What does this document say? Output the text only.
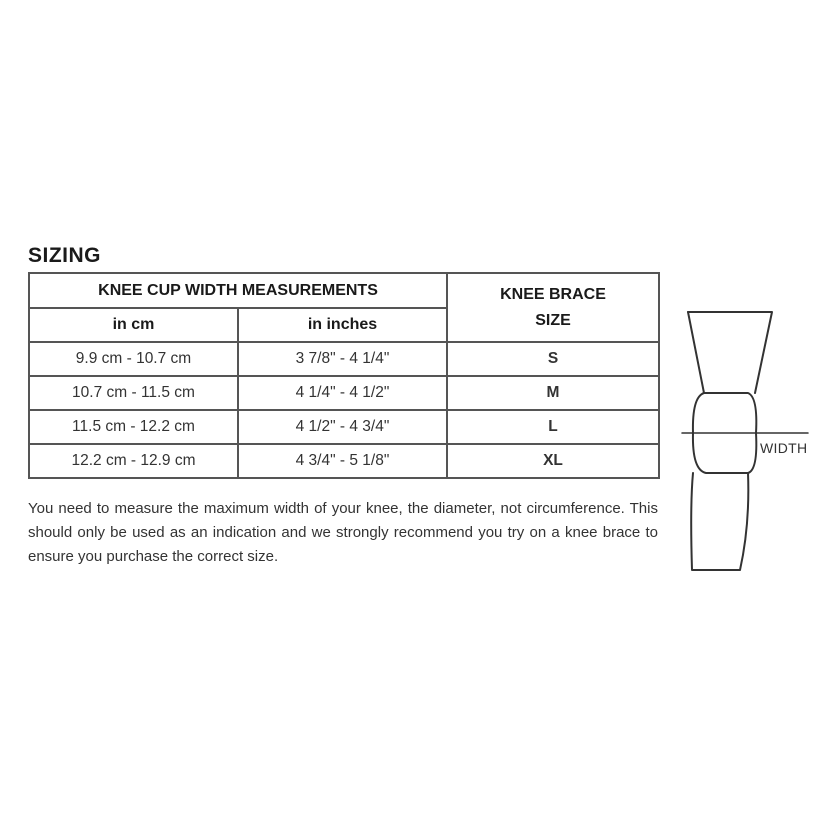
SIZING
KNEE CUP WIDTH MEASUREMENTS		KNEE BRACE
SIZE
in cm	in inches	
9.9 cm - 10.7 cm	3 7/8" - 4 1/4"	S
10.7 cm - 11.5 cm	4 1/4" - 4 1/2"	M
11.5 cm - 12.2 cm	4 1/2" - 4 3/4"	L
12.2 cm - 12.9 cm	4 3/4" - 5 1/8"	XL

You need to measure the maximum width of your knee, the diameter, not circumference. This should only be used as an indication and we strongly recommend you try on a knee brace to ensure you purchase the correct size.

WIDTH
